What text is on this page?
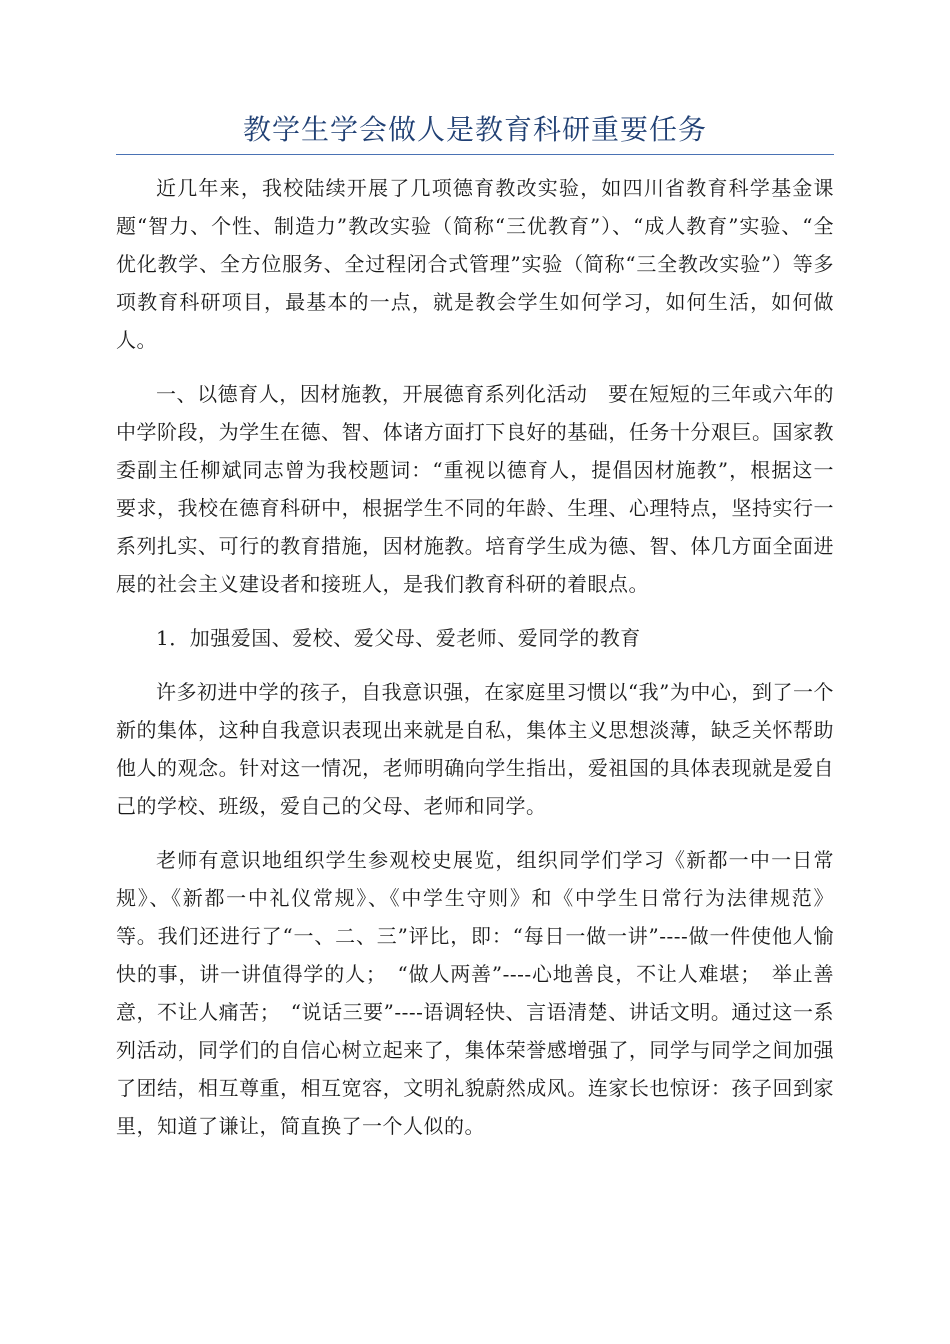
教学生学会做人是教育科研重要任务

近几年来，我校陆续开展了几项德育教改实验，如四川省教育科学基金课题“智力、个性、制造力”教改实验（简称“三优教育”）、“成人教育”实验、“全优化教学、全方位服务、全过程闭合式管理”实验（简称“三全教改实验”）等多项教育科研项目，最基本的一点，就是教会学生如何学习，如何生活，如何做人。

一、以德育人，因材施教，开展德育系列化活动　要在短短的三年或六年的中学阶段，为学生在德、智、体诸方面打下良好的基础，任务十分艰巨。国家教委副主任柳斌同志曾为我校题词：“重视以德育人，提倡因材施教”，根据这一要求，我校在德育科研中，根据学生不同的年龄、生理、心理特点，坚持实行一系列扎实、可行的教育措施，因材施教。培育学生成为德、智、体几方面全面进展的社会主义建设者和接班人，是我们教育科研的着眼点。

1．加强爱国、爱校、爱父母、爱老师、爱同学的教育

许多初进中学的孩子，自我意识强，在家庭里习惯以“我”为中心，到了一个新的集体，这种自我意识表现出来就是自私，集体主义思想淡薄，缺乏关怀帮助他人的观念。针对这一情况，老师明确向学生指出，爱祖国的具体表现就是爱自己的学校、班级，爱自己的父母、老师和同学。

老师有意识地组织学生参观校史展览，组织同学们学习《新都一中一日常规》、《新都一中礼仪常规》、《中学生守则》和《中学生日常行为法律规范》等。我们还进行了“一、二、三”评比，即：“每日一做一讲”----做一件使他人愉快的事，讲一讲值得学的人；　“做人两善”----心地善良，不让人难堪；　举止善意，不让人痛苦；　“说话三要”----语调轻快、言语清楚、讲话文明。通过这一系列活动，同学们的自信心树立起来了，集体荣誉感增强了，同学与同学之间加强了团结，相互尊重，相互宽容，文明礼貌蔚然成风。连家长也惊讶：孩子回到家里，知道了谦让，简直换了一个人似的。
